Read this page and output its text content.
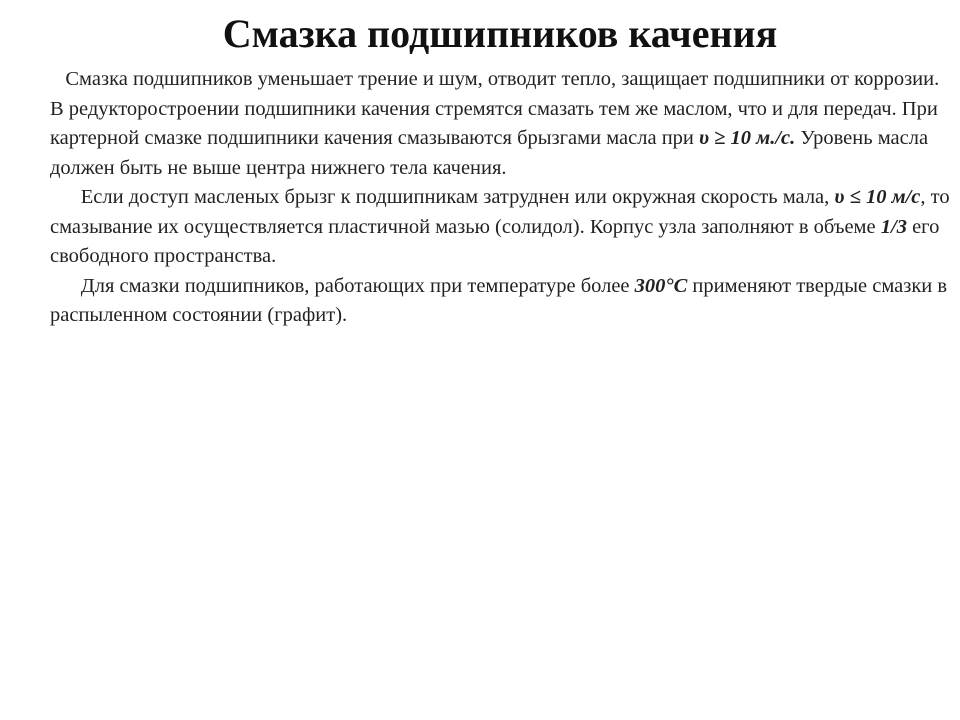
Смазка подшипников качения

Смазка подшипников уменьшает трение и шум, отводит тепло, защищает подшипники от коррозии. В редукторостроении подшипники качения стремятся смазать тем же маслом, что и для передач. При картерной смазке подшипники качения смазываются брызгами масла при υ ≥ 10 м./с. Уровень масла должен быть не выше центра нижнего тела качения.

Если доступ масленых брызг к подшипникам затруднен или окружная скорость мала, υ ≤ 10 м/с, то смазывание их осуществляется пластичной мазью (солидол). Корпус узла заполняют в объеме 1/3 его свободного пространства.

Для смазки подшипников, работающих при температуре более 300°С применяют твердые смазки в распыленном состоянии (графит).
